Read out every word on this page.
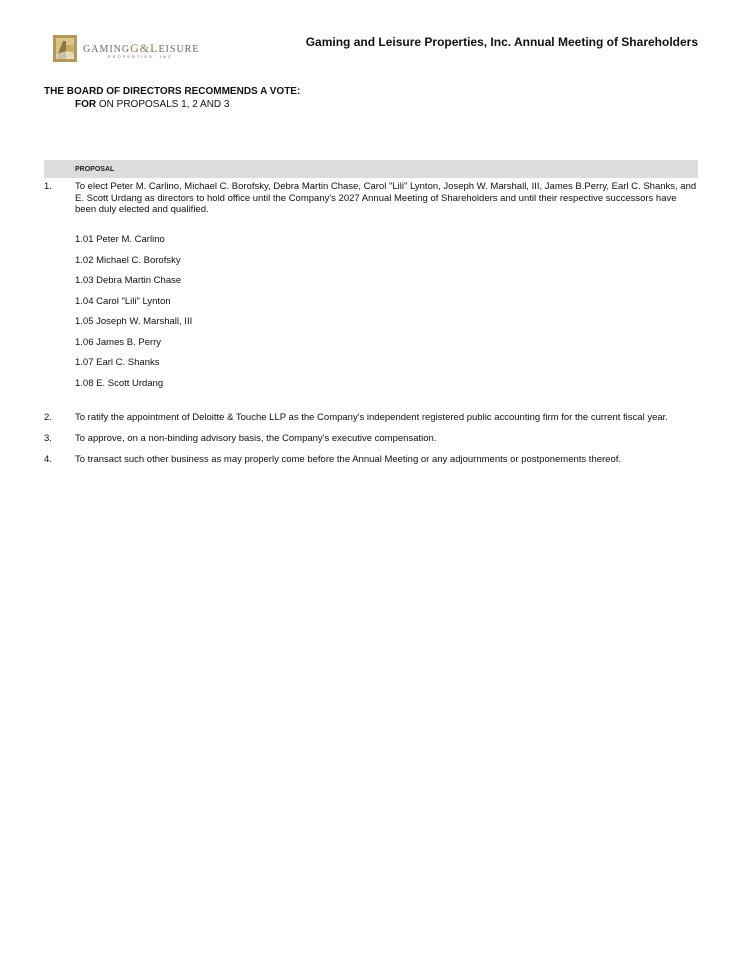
GAMINGG&LEISURE
PROPERTIES, INC
Gaming and Leisure Properties, Inc. Annual Meeting of Shareholders
THE BOARD OF DIRECTORS RECOMMENDS A VOTE:
FOR ON PROPOSALS 1, 2 AND 3
PROPOSAL
1. To elect Peter M. Carlino, Michael C. Borofsky, Debra Martin Chase, Carol "Lili" Lynton, Joseph W. Marshall, III, James B.Perry, Earl C. Shanks, and E. Scott Urdang as directors to hold office until the Company's 2027 Annual Meeting of Shareholders and until their respective successors have been duly elected and qualified.
1.01 Peter M. Carlino
1.02 Michael C. Borofsky
1.03 Debra Martin Chase
1.04 Carol "Lili" Lynton
1.05 Joseph W. Marshall, III
1.06 James B. Perry
1.07 Earl C. Shanks
1.08 E. Scott Urdang
2. To ratify the appointment of Deloitte & Touche LLP as the Company's independent registered public accounting firm for the current fiscal year.
3. To approve, on a non-binding advisory basis, the Company's executive compensation.
4. To transact such other business as may properly come before the Annual Meeting or any adjournments or postponements thereof.
